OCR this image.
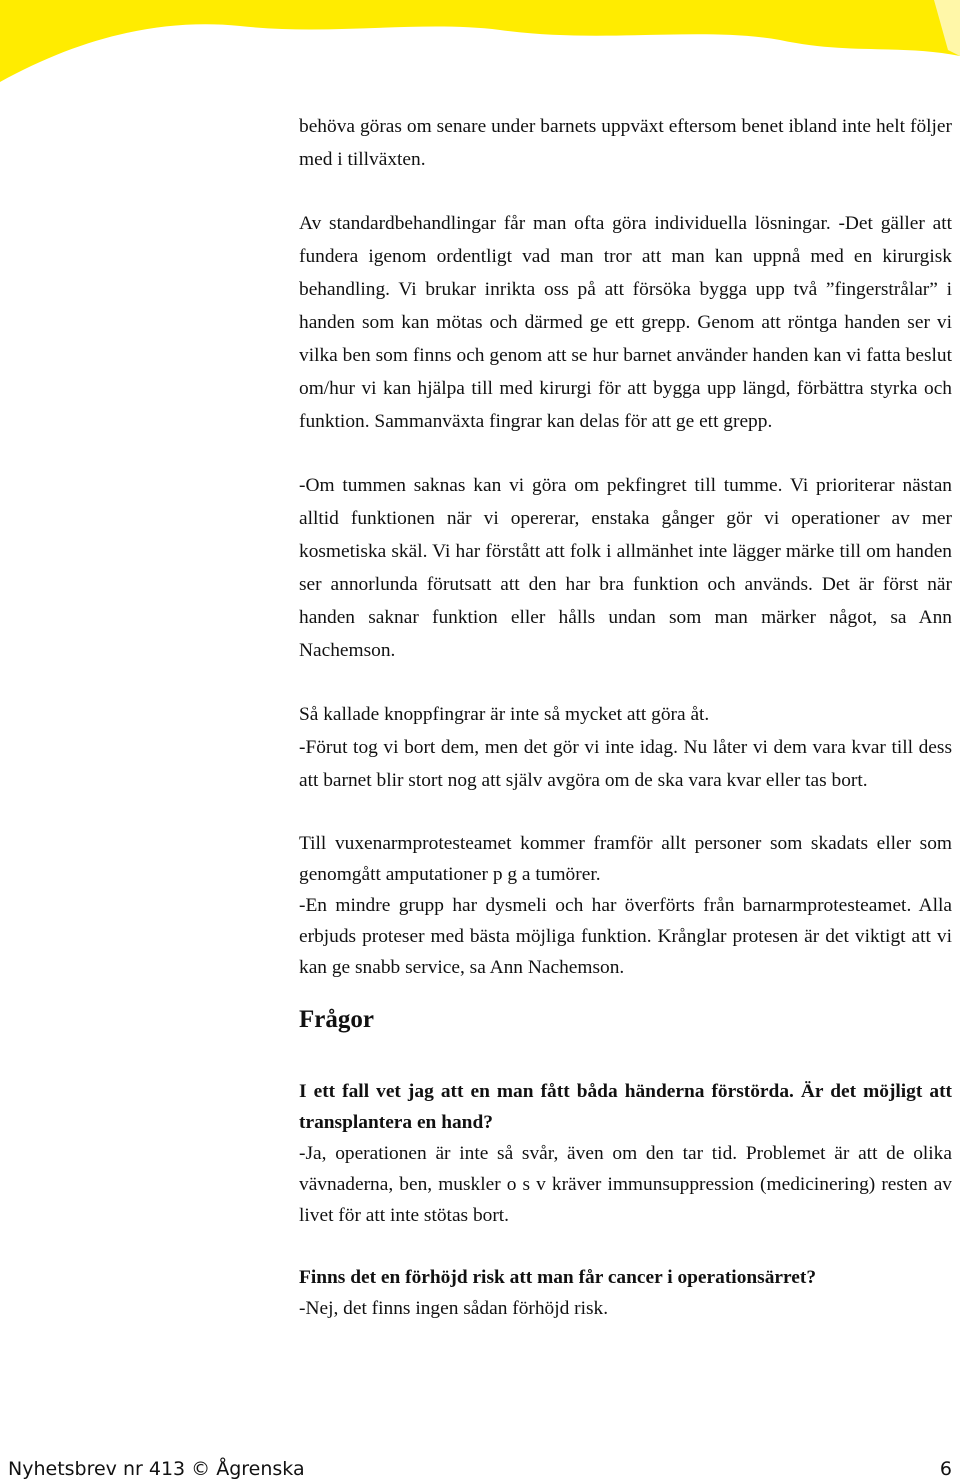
behöva göras om senare under barnets uppväxt eftersom benet ibland inte helt följer med i tillväxten.

Av standardbehandlingar får man ofta göra individuella lösningar. -Det gäller att fundera igenom ordentligt vad man tror att man kan uppnå med en kirurgisk behandling. Vi brukar inrikta oss på att försöka bygga upp två ”fingerstrålar” i handen som kan mötas och därmed ge ett grepp. Genom att röntga handen ser vi vilka ben som finns och genom att se hur barnet använder handen kan vi fatta beslut om/hur vi kan hjälpa till med kirurgi för att bygga upp längd, förbättra styrka och funktion. Sammanväxta fingrar kan delas för att ge ett grepp.

-Om tummen saknas kan vi göra om pekfingret till tumme. Vi prioriterar nästan alltid funktionen när vi opererar, enstaka gånger gör vi operationer av mer kosmetiska skäl. Vi har förstått att folk i allmänhet inte lägger märke till om handen ser annorlunda förutsatt att den har bra funktion och används. Det är först när handen saknar funktion eller hålls undan som man märker något, sa Ann Nachemson.

Så kallade knoppfingrar är inte så mycket att göra åt.

-Förut tog vi bort dem, men det gör vi inte idag. Nu låter vi dem vara kvar till dess att barnet blir stort nog att själv avgöra om de ska vara kvar eller tas bort.

Till vuxenarmprotesteamet kommer framför allt personer som skadats eller som genomgått amputationer p g a tumörer.

-En mindre grupp har dysmeli och har överförts från barnarmprotesteamet. Alla erbjuds proteser med bästa möjliga funktion. Krånglar protesen är det viktigt att vi kan ge snabb service, sa Ann Nachemson.

Frågor

I ett fall vet jag att en man fått båda händerna förstörda. Är det möjligt att transplantera en hand?

-Ja, operationen är inte så svår, även om den tar tid. Problemet är att de olika vävnaderna, ben, muskler o s v kräver immunsuppression (medicinering) resten av livet för att inte stötas bort.

Finns det en förhöjd risk att man får cancer i operationsärret?

-Nej, det finns ingen sådan förhöjd risk.

Nyhetsbrev nr 413 © Ågrenska	6
